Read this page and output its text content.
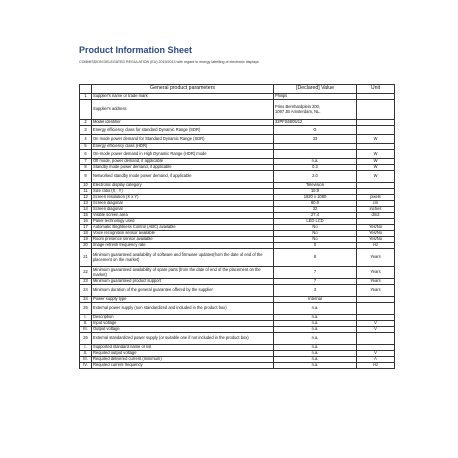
Product Information Sheet
COMMISSION DELEGATED REGULATION (EU) 2019/2013 with regard to energy labelling of electronic displays
	General product parameters	[Declared] Value	Unit
1	Supplier's name or trade mark	Philips	
	Supplier's address	Prins Bernhardplein 200,
1097 JB Amsterdam, NL.	
2	Model identifier	32PFS6805/12	
3	Energy efficiency class for standard Dynamic Range (SDR)	G	
4	On mode power demand for Standard Dynamic Range (SDR)	33	W
5	Energy efficiency class (HDR)		
6	On-mode power demand in High Dynamic Range (HDR) mode		W
7	Off mode, power demand, if applicable	n.a.	W
8	Standby mode power demand, if applicable	0.3	W
9	Networked standby mode power demand, if applicable	2.0	W
10	Electronic display category	Television	
11	Size ratio (X : Y)	16:9	
12	Screen resolution (X x Y)	1920 x 1080	pixels
13	Screen diagonal	80.0	cm
14	Screen diagonal	32	inches
15	Visible screen area	27.4	dm2
16	Panel technology used	LED LCD	
17	Automatic Brightness Control (ABC) available	No	Yes/No
18	Voice recognition sensor available	No	Yes/No
19	Room presence sensor available	No	Yes/No
20	Image refresh frequency rate	0	Hz
21	Minimum guaranteed availability of software and firmware updates(from the date of end of the placement on the market)	8	Years
22	Minimum guaranteed availability of spare parts (from the date of end of the placement on the market)	7	Years
23	Minimum guaranteed product support	7	Years
24	Minimum duration of the general guarantee offered by the supplier	3	Years
24	Power supply type	Internal	
25	External power supply (non standardized and included in the product box)	n.a.	
I.	Description	n.a.	
II.	Input voltage	n.a.	V
III.	Output voltage	n.a.	V
26	External standardized power supply (or suitable one if not included in the product box)	n.a.	
I.	Supported standard name or list	n.a.	
II.	Required output voltage	n.a.	V
III.	Required delivered current (minimum)	n.a.	A
IV.	Required current frequency	n.a.	Hz
